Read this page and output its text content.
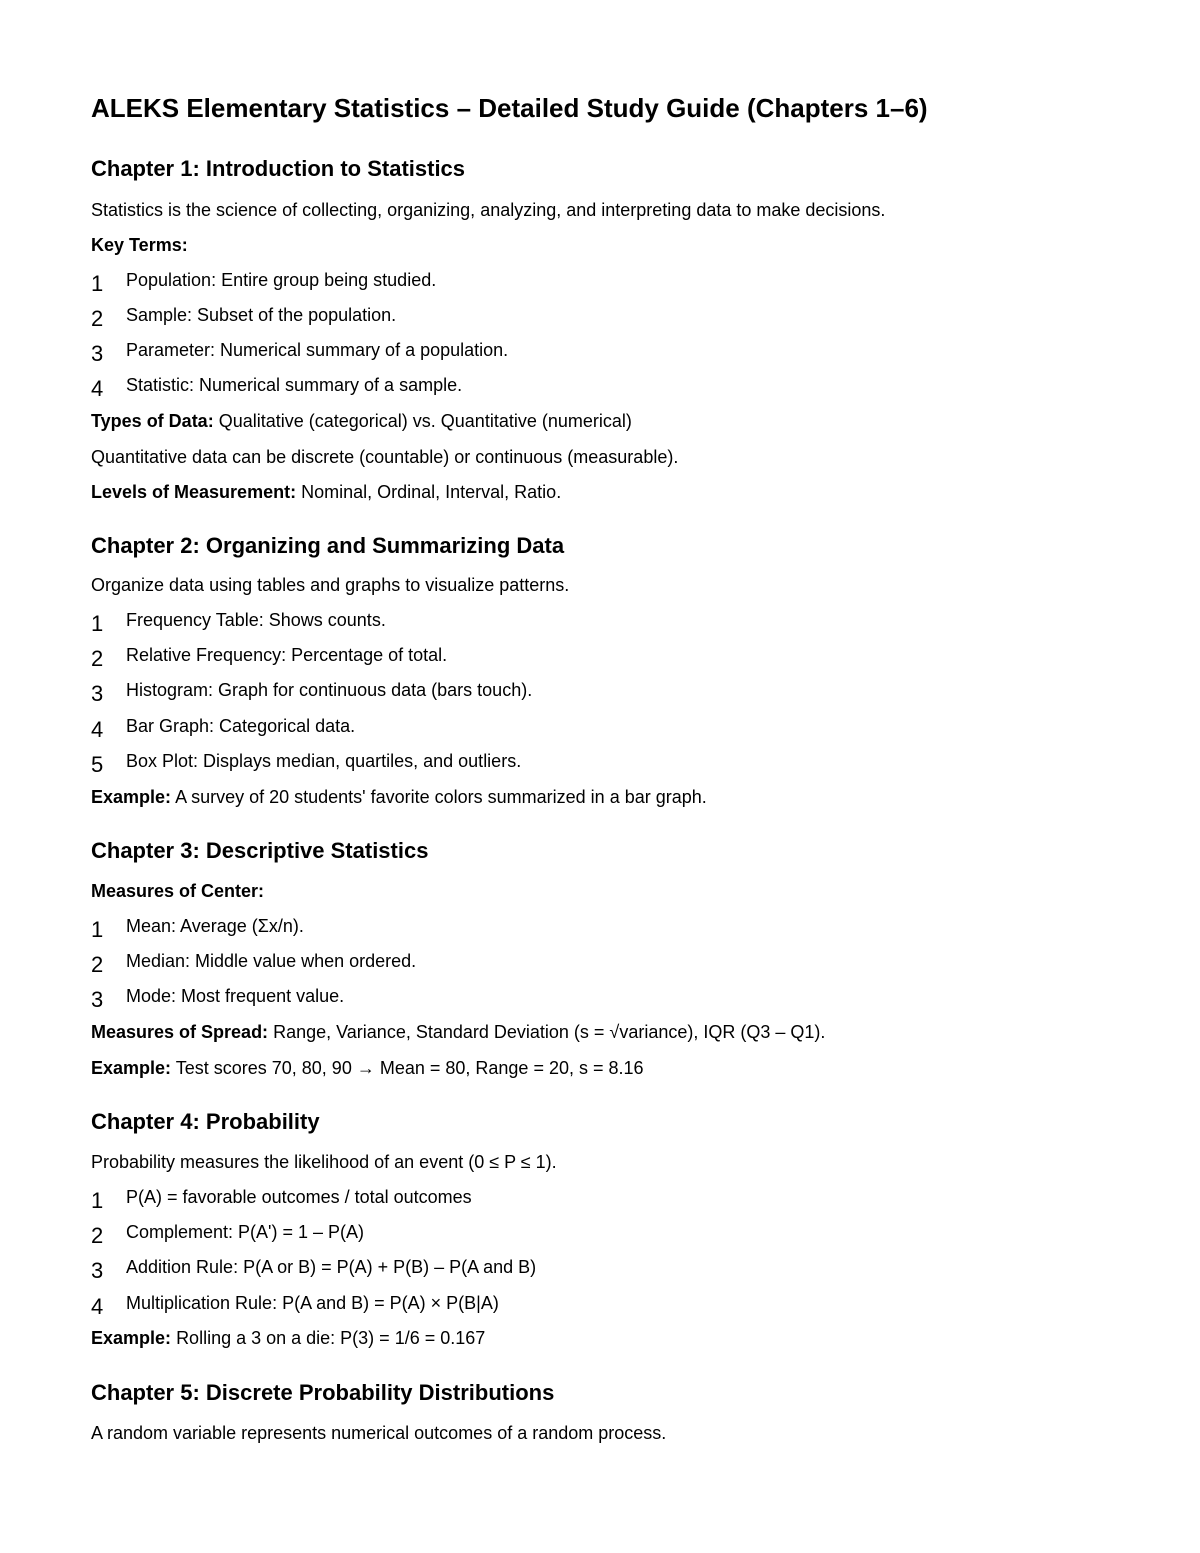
ALEKS Elementary Statistics – Detailed Study Guide (Chapters 1–6)
Chapter 1: Introduction to Statistics
Statistics is the science of collecting, organizing, analyzing, and interpreting data to make decisions.
Key Terms:
1 Population: Entire group being studied.
2 Sample: Subset of the population.
3 Parameter: Numerical summary of a population.
4 Statistic: Numerical summary of a sample.
Types of Data: Qualitative (categorical) vs. Quantitative (numerical)
Quantitative data can be discrete (countable) or continuous (measurable).
Levels of Measurement: Nominal, Ordinal, Interval, Ratio.
Chapter 2: Organizing and Summarizing Data
Organize data using tables and graphs to visualize patterns.
1 Frequency Table: Shows counts.
2 Relative Frequency: Percentage of total.
3 Histogram: Graph for continuous data (bars touch).
4 Bar Graph: Categorical data.
5 Box Plot: Displays median, quartiles, and outliers.
Example: A survey of 20 students' favorite colors summarized in a bar graph.
Chapter 3: Descriptive Statistics
Measures of Center:
1 Mean: Average (Σx/n).
2 Median: Middle value when ordered.
3 Mode: Most frequent value.
Measures of Spread: Range, Variance, Standard Deviation (s = √variance), IQR (Q3 – Q1).
Example: Test scores 70, 80, 90 → Mean = 80, Range = 20, s = 8.16
Chapter 4: Probability
Probability measures the likelihood of an event (0 ≤ P ≤ 1).
1 P(A) = favorable outcomes / total outcomes
2 Complement: P(A') = 1 – P(A)
3 Addition Rule: P(A or B) = P(A) + P(B) – P(A and B)
4 Multiplication Rule: P(A and B) = P(A) × P(B|A)
Example: Rolling a 3 on a die: P(3) = 1/6 = 0.167
Chapter 5: Discrete Probability Distributions
A random variable represents numerical outcomes of a random process.
